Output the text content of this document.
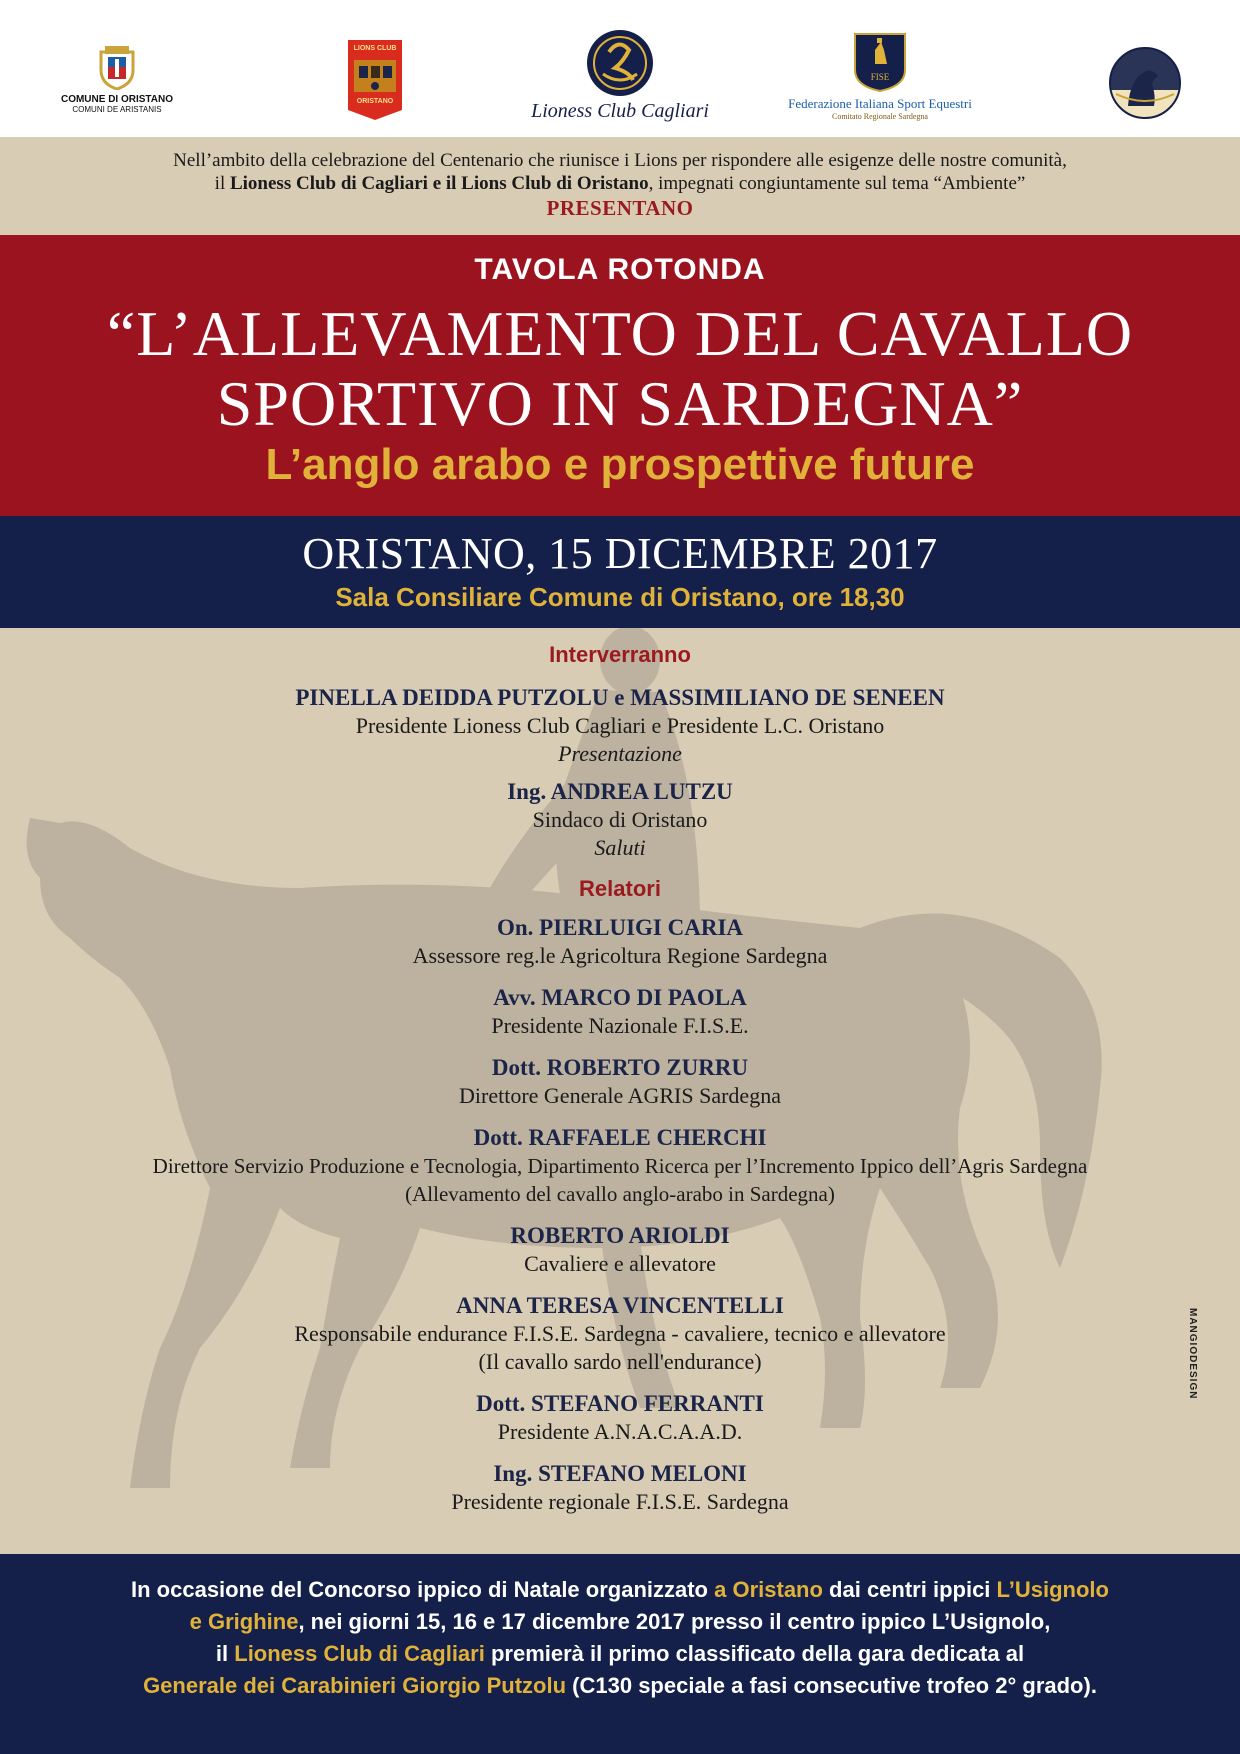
COMUNE DI ORISTANO
COMUNI DE ARISTANIS
LIONS CLUB
ORISTANO	Lioness Club Cagliari
FISE
Federazione Italiana Sport Equestri
Comitato Regionale Sardegna
Nell’ambito della celebrazione del Centenario che riunisce i Lions per rispondere alle esigenze delle nostre comunità,
il Lioness Club di Cagliari e il Lions Club di Oristano, impegnati congiuntamente sul tema “Ambiente”
PRESENTANO
TAVOLA ROTONDA
“L’ALLEVAMENTO DEL CAVALLO
SPORTIVO IN SARDEGNA”
L’anglo arabo e prospettive future
ORISTANO, 15 DICEMBRE 2017
Sala Consiliare Comune di Oristano, ore 18,30
MANGIODESIGN
Interverranno
PINELLA DEIDDA PUTZOLU e MASSIMILIANO DE SENEEN
Presidente Lioness Club Cagliari e Presidente L.C. Oristano
Presentazione
Ing. ANDREA LUTZU
Sindaco di Oristano
Saluti
Relatori
On. PIERLUIGI CARIA
Assessore reg.le Agricoltura Regione Sardegna
Avv. MARCO DI PAOLA
Presidente Nazionale F.I.S.E.
Dott. ROBERTO ZURRU
Direttore Generale AGRIS Sardegna
Dott. RAFFAELE CHERCHI
Direttore Servizio Produzione e Tecnologia, Dipartimento Ricerca per l’Incremento Ippico dell’Agris Sardegna
(Allevamento del cavallo anglo-arabo in Sardegna)
ROBERTO ARIOLDI
Cavaliere e allevatore
ANNA TERESA VINCENTELLI
Responsabile endurance F.I.S.E. Sardegna - cavaliere, tecnico e allevatore
(Il cavallo sardo nell'endurance)
Dott. STEFANO FERRANTI
Presidente A.N.A.C.A.A.D.
Ing. STEFANO MELONI
Presidente regionale F.I.S.E. Sardegna
In occasione del Concorso ippico di Natale organizzato a Oristano dai centri ippici L’Usignolo
e Grighine, nei giorni 15, 16 e 17 dicembre 2017 presso il centro ippico L’Usignolo,
il Lioness Club di Cagliari premierà il primo classificato della gara dedicata al
Generale dei Carabinieri Giorgio Putzolu (C130 speciale a fasi consecutive trofeo 2° grado).
